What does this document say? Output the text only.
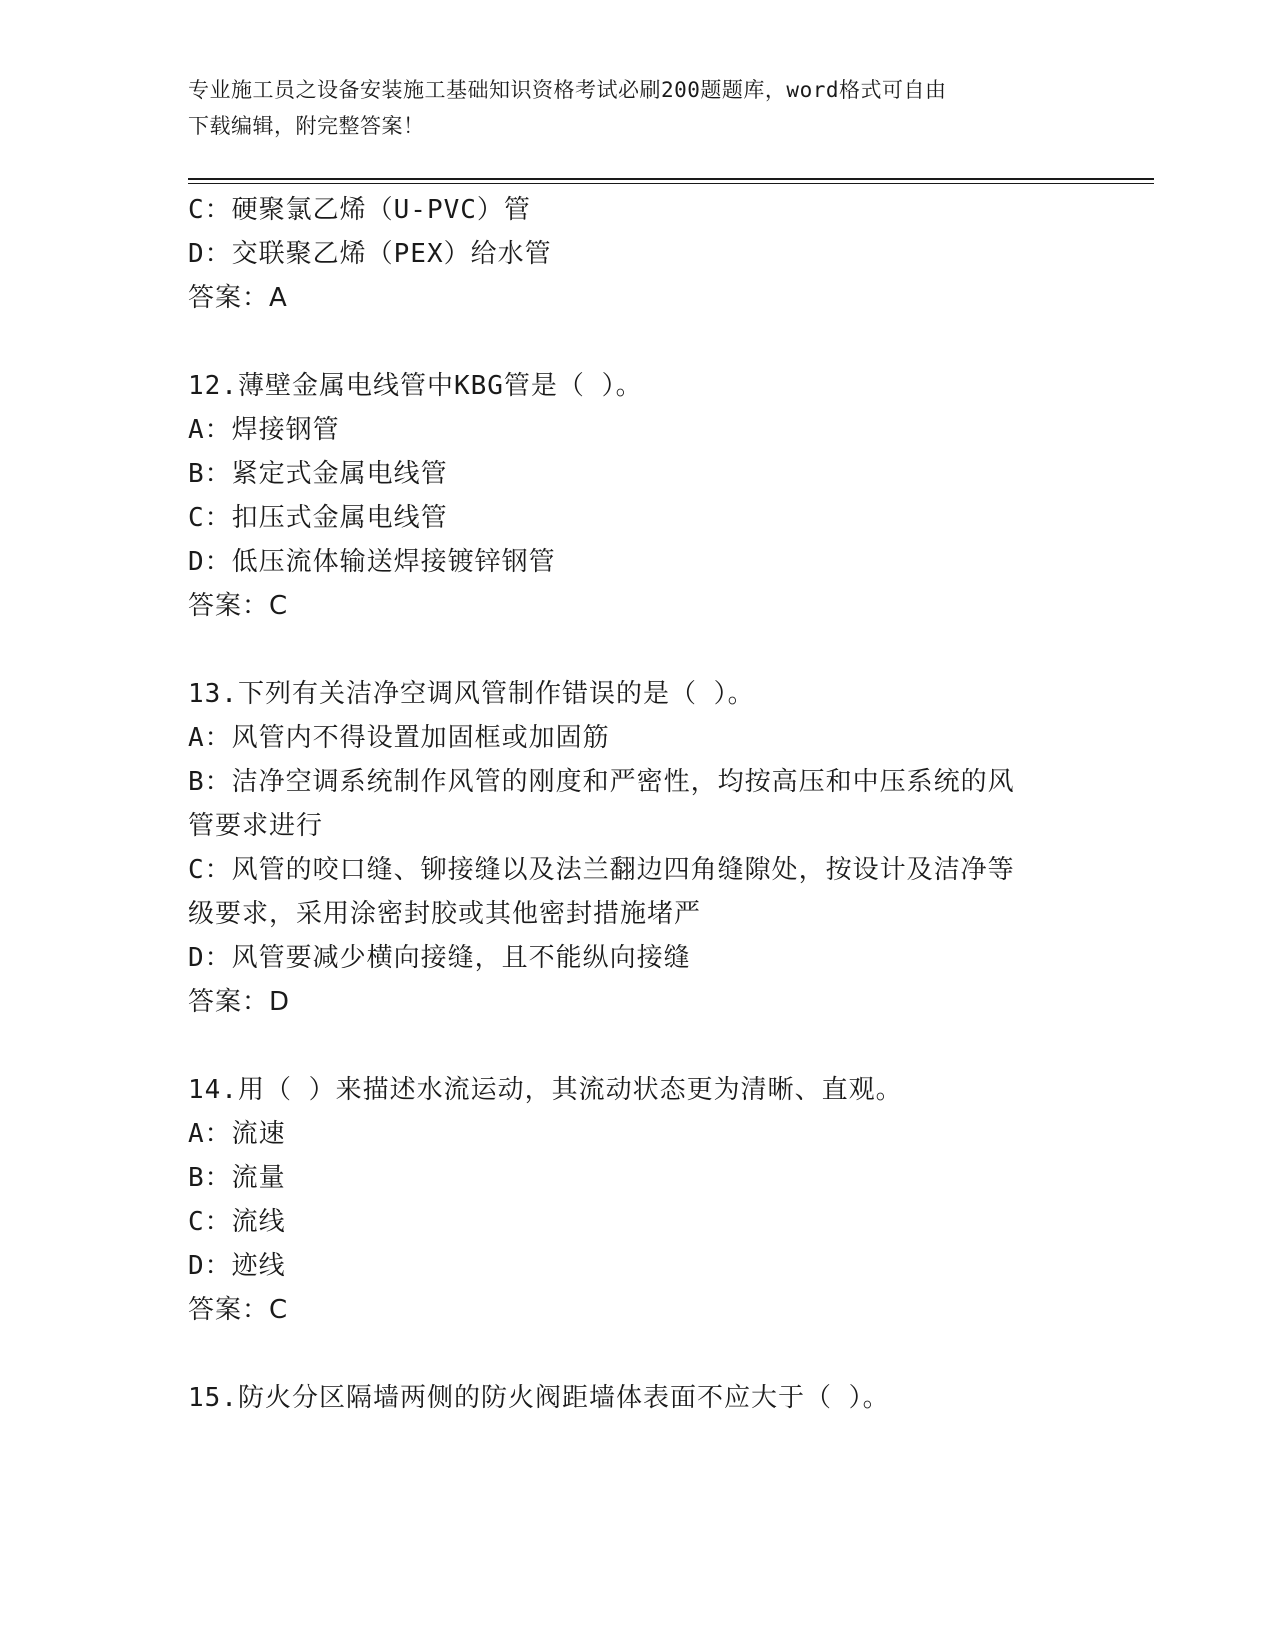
专业施工员之设备安装施工基础知识资格考试必刷200题题库，word格式可自由
下载编辑，附完整答案！
C：硬聚氯乙烯（U-PVC）管
D：交联聚乙烯（PEX）给水管
答案：A
12.薄壁金属电线管中KBG管是（ ）。
A：焊接钢管
B：紧定式金属电线管
C：扣压式金属电线管
D：低压流体输送焊接镀锌钢管
答案：C
13.下列有关洁净空调风管制作错误的是（ ）。
A：风管内不得设置加固框或加固筋
B：洁净空调系统制作风管的刚度和严密性，均按高压和中压系统的风
管要求进行
C：风管的咬口缝、铆接缝以及法兰翻边四角缝隙处，按设计及洁净等
级要求，采用涂密封胶或其他密封措施堵严
D：风管要减少横向接缝，且不能纵向接缝
答案：D
14.用（ ）来描述水流运动，其流动状态更为清晰、直观。
A：流速
B：流量
C：流线
D：迹线
答案：C
15.防火分区隔墙两侧的防火阀距墙体表面不应大于（ ）。
